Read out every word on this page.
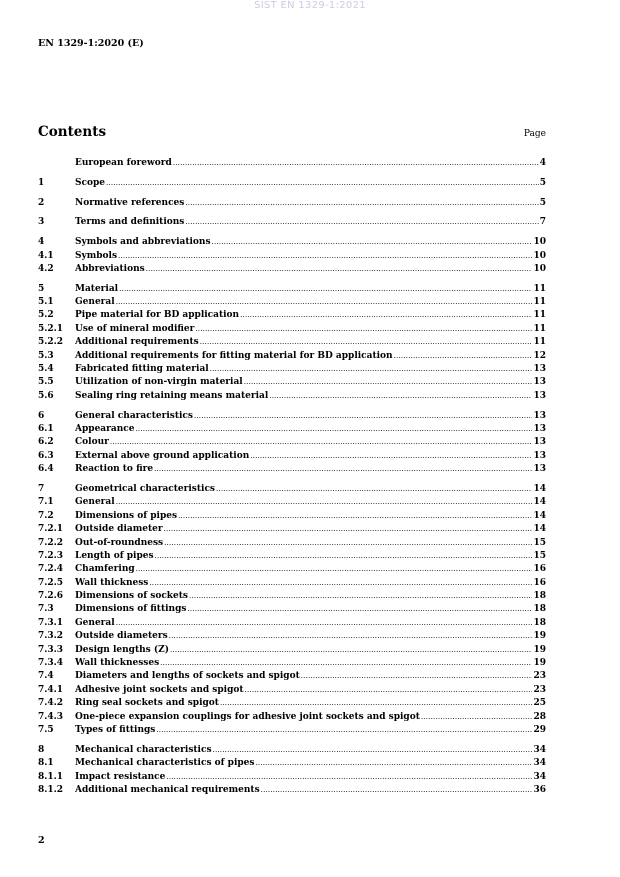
SIST EN 1329-1:2021
EN 1329-1:2020 (E)
Contents	Page
European foreword .....	4
1	Scope .....	5
2	Normative references .....	5
3	Terms and definitions .....	7
4	Symbols and abbreviations .....	10
4.1	Symbols .....	10
4.2	Abbreviations .....	10
5	Material .....	11
5.1	General .....	11
5.2	Pipe material for BD application .....	11
5.2.1	Use of mineral modifier .....	11
5.2.2	Additional requirements .....	11
5.3	Additional requirements for fitting material for BD application .....	12
5.4	Fabricated fitting material .....	13
5.5	Utilization of non-virgin material .....	13
5.6	Sealing ring retaining means material .....	13
6	General characteristics .....	13
6.1	Appearance .....	13
6.2	Colour .....	13
6.3	External above ground application .....	13
6.4	Reaction to fire .....	13
7	Geometrical characteristics .....	14
7.1	General .....	14
7.2	Dimensions of pipes .....	14
7.2.1	Outside diameter .....	14
7.2.2	Out-of-roundness .....	15
7.2.3	Length of pipes .....	15
7.2.4	Chamfering .....	16
7.2.5	Wall thickness .....	16
7.2.6	Dimensions of sockets .....	18
7.3	Dimensions of fittings .....	18
7.3.1	General .....	18
7.3.2	Outside diameters .....	19
7.3.3	Design lengths (Z) .....	19
7.3.4	Wall thicknesses .....	19
7.4	Diameters and lengths of sockets and spigot .....	23
7.4.1	Adhesive joint sockets and spigot .....	23
7.4.2	Ring seal sockets and spigot .....	25
7.4.3	One-piece expansion couplings for adhesive joint sockets and spigot .....	28
7.5	Types of fittings .....	29
8	Mechanical characteristics .....	34
8.1	Mechanical characteristics of pipes .....	34
8.1.1	Impact resistance .....	34
8.1.2	Additional mechanical requirements .....	36
2
